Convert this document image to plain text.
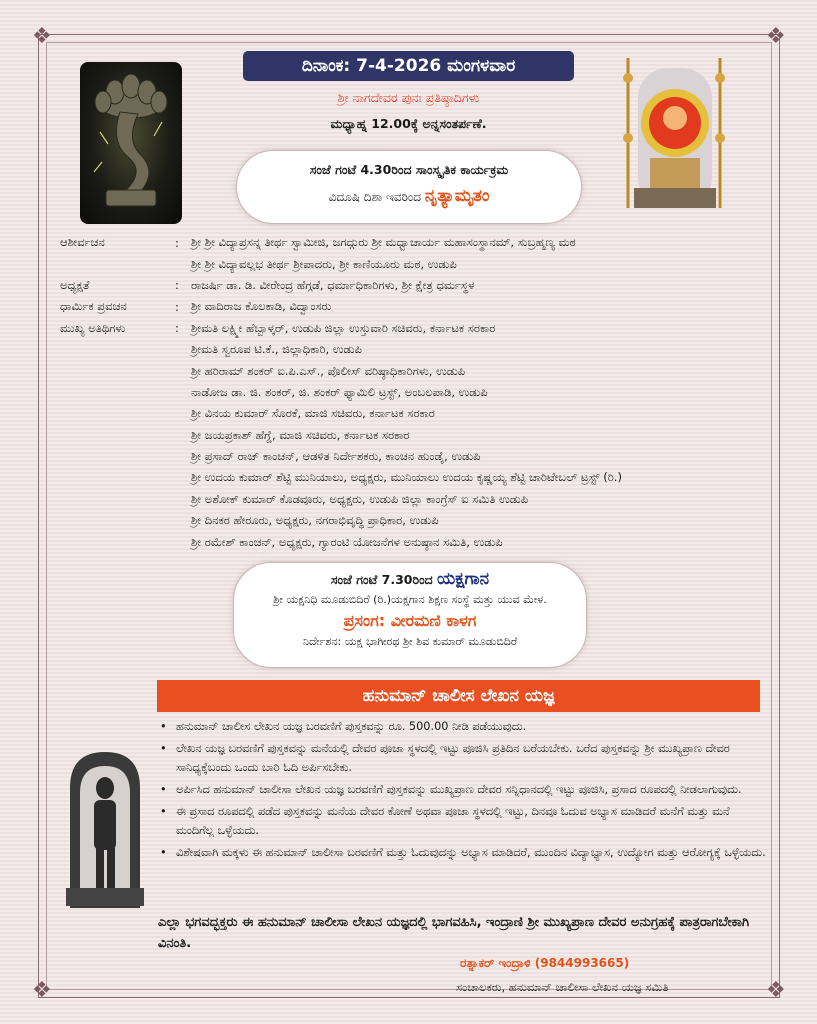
❖	❖
❖	❖
ದಿನಾಂಕ: 7-4-2026 ಮಂಗಳವಾರ
ಶ್ರೀ ನಾಗದೇವರ ಪುನಃ ಪ್ರತಿಷ್ಠಾದಿಗಳು
ಮಧ್ಯಾಹ್ನ 12.00ಕ್ಕೆ ಅನ್ನಸಂತರ್ಪಣೆ.
ಸಂಜೆ ಗಂಟೆ 4.30ರಿಂದ ಸಾಂಸ್ಕೃತಿಕ ಕಾರ್ಯಕ್ರಮ
ವಿದೂಷಿ ದಿಶಾ ಇವರಿಂದ ನೃತ್ಯಾಮೃತಂ
ಆಶೀರ್ವಚನ	:	ಶ್ರೀ ಶ್ರೀ ವಿದ್ಯಾಪ್ರಸನ್ನ ತೀರ್ಥ ಸ್ವಾಮೀಜಿ, ಜಗದ್ಗುರು ಶ್ರೀ ಮಧ್ವಾಚಾರ್ಯ ಮಹಾಸಂಸ್ಥಾನಮ್, ಸುಬ್ರಹ್ಮಣ್ಯ ಮಠ
		ಶ್ರೀ ಶ್ರೀ ವಿದ್ಯಾವಲ್ಲಭ ತೀರ್ಥ ಶ್ರೀಪಾದರು, ಶ್ರೀ ಕಾಣಿಯೂರು ಮಠ, ಉಡುಪಿ
ಅಧ್ಯಕ್ಷತೆ	:	ರಾಜರ್ಷಿ ಡಾ. ಡಿ. ವೀರೇಂದ್ರ ಹೆಗ್ಗಡೆ, ಧರ್ಮಾಧಿಕಾರಿಗಳು, ಶ್ರೀ ಕ್ಷೇತ್ರ ಧರ್ಮಸ್ಥಳ
ಧಾರ್ಮಿಕ ಪ್ರವಚನ	:	ಶ್ರೀ ವಾದಿರಾಜ ಕೊಲಕಾಡಿ, ವಿದ್ವಾಂಸರು
ಮುಖ್ಯ ಅತಿಥಿಗಳು	:	ಶ್ರೀಮತಿ ಲಕ್ಷ್ಮೀ ಹೆಬ್ಬಾಳ್ಕರ್, ಉಡುಪಿ ಜಿಲ್ಲಾ ಉಸ್ತುವಾರಿ ಸಚಿವರು, ಕರ್ನಾಟಕ ಸರಕಾರ
		ಶ್ರೀಮತಿ ಸ್ವರೂಪ ಟಿ.ಕೆ., ಜಿಲ್ಲಾಧಿಕಾರಿ, ಉಡುಪಿ
		ಶ್ರೀ ಹರಿರಾಮ್ ಶಂಕರ್ ಐ.ಪಿ.ಎಸ್., ಪೊಲೀಸ್ ವರಿಷ್ಠಾಧಿಕಾರಿಗಳು, ಉಡುಪಿ
		ನಾಡೋಜ ಡಾ. ಜಿ. ಶಂಕರ್, ಜಿ. ಶಂಕರ್ ಫ್ಯಾಮಿಲಿ ಟ್ರಸ್ಟ್, ಅಂಬಲಪಾಡಿ, ಉಡುಪಿ
		ಶ್ರೀ ವಿನಯ ಕುಮಾರ್ ಸೊರಕೆ, ಮಾಜಿ ಸಚಿವರು, ಕರ್ನಾಟಕ ಸರಕಾರ
		ಶ್ರೀ ಜಯಪ್ರಕಾಶ್ ಹೆಗ್ಡೆ, ಮಾಜಿ ಸಚಿವರು, ಕರ್ನಾಟಕ ಸರಕಾರ
		ಶ್ರೀ ಪ್ರಸಾದ್ ರಾಜ್ ಕಾಂಚನ್, ಆಡಳಿತ ನಿರ್ದೇಶಕರು, ಕಾಂಚನ ಹುಂಡೈ, ಉಡುಪಿ
		ಶ್ರೀ ಉದಯ ಕುಮಾರ್ ಶೆಟ್ಟಿ ಮುನಿಯಾಲು, ಅಧ್ಯಕ್ಷರು, ಮುನಿಯಾಲು ಉದಯ ಕೃಷ್ಣಯ್ಯ ಶೆಟ್ಟಿ ಚಾರಿಟೇಬಲ್ ಟ್ರಸ್ಟ್ (ರಿ.)
		ಶ್ರೀ ಅಶೋಕ್ ಕುಮಾರ್ ಕೊಡವೂರು, ಅಧ್ಯಕ್ಷರು, ಉಡುಪಿ ಜಿಲ್ಲಾ ಕಾಂಗ್ರೆಸ್ ಐ ಸಮಿತಿ ಉಡುಪಿ
		ಶ್ರೀ ದಿನಕರ ಹೇರೂರು, ಅಧ್ಯಕ್ಷರು, ನಗರಾಭಿವೃದ್ಧಿ ಪ್ರಾಧಿಕಾರ, ಉಡುಪಿ
		ಶ್ರೀ ರಮೇಶ್ ಕಾಂಚನ್, ಅಧ್ಯಕ್ಷರು, ಗ್ಯಾರಂಟಿ ಯೋಜನೆಗಳ ಅನುಷ್ಠಾನ ಸಮಿತಿ, ಉಡುಪಿ
ಸಂಜೆ ಗಂಟೆ 7.30ರಿಂದ ಯಕ್ಷಗಾನ
ಶ್ರೀ ಯಕ್ಷನಿಧಿ ಮೂಡುಬಿದಿರೆ (ರಿ.)ಯಕ್ಷಗಾನ ಶಿಕ್ಷಣ ಸಂಸ್ಥೆ ಮತ್ತು ಯುವ ಮೇಳ.
ಪ್ರಸಂಗ: ವೀರಮಣಿ ಕಾಳಗ
ನಿರ್ದೇಶನ: ಯಕ್ಷ ಭಾಗೀರಥ ಶ್ರೀ ಶಿವ ಕುಮಾರ್ ಮೂಡುಬಿದಿರೆ
ಹನುಮಾನ್ ಚಾಲೀಸ ಲೇಖನ ಯಜ್ಞ
• ಹನುಮಾನ್ ಚಾಲೀಸ ಲೇಖನ ಯಜ್ಞ ಬರವಣಿಗೆ ಪುಸ್ತಕವನ್ನು ರೂ. 500.00 ನೀಡಿ ಪಡೆಯುವುದು.
• ಲೇಖನ ಯಜ್ಞ ಬರವಣಿಗೆ ಪುಸ್ತಕವನ್ನು ಮನೆಯಲ್ಲಿ ದೇವರ ಪೂಜಾ ಸ್ಥಳದಲ್ಲಿ ಇಟ್ಟು ಪೂಜಿಸಿ ಪ್ರತಿದಿನ ಬರೆಯಬೇಕು. ಬರೆದ ಪುಸ್ತಕವನ್ನು ಶ್ರೀ ಮುಖ್ಯಪ್ರಾಣ ದೇವರ ಸಾನಿಧ್ಯಕ್ಕೆಬಂದು ಒಂದು ಬಾರಿ ಓದಿ ಅರ್ಪಿಸಬೇಕು.
• ಅರ್ಪಿಸಿದ ಹನುಮಾನ್ ಚಾಲೀಸಾ ಲೇಖನ ಯಜ್ಞ ಬರವಣಿಗೆ ಪುಸ್ತಕವನ್ನು ಮುಖ್ಯಪ್ರಾಣ ದೇವರ ಸನ್ನಿಧಾನದಲ್ಲಿ ಇಟ್ಟು ಪೂಜಿಸಿ, ಪ್ರಸಾದ ರೂಪದಲ್ಲಿ ನೀಡಲಾಗುವುದು.
• ಈ ಪ್ರಸಾದ ರೂಪದಲ್ಲಿ ಪಡೆದ ಪುಸ್ತಕವನ್ನು ಮನೆಯ ದೇವರ ಕೋಣೆ ಅಥವಾ ಪೂಜಾ ಸ್ಥಳದಲ್ಲಿ ಇಟ್ಟು, ದಿನವೂ ಓದುವ ಅಭ್ಯಾಸ ಮಾಡಿದರೆ ಮನೆಗೆ ಮತ್ತು ಮನೆ ಮಂದಿಗೆಲ್ಲ ಒಳ್ಳೆಯದು.
• ವಿಶೇಷವಾಗಿ ಮಕ್ಕಳು ಈ ಹನುಮಾನ್ ಚಾಲೀಸಾ ಬರವಣಿಗೆ ಮತ್ತು ಓದುವುದನ್ನು ಅಭ್ಯಾಸ ಮಾಡಿದರೆ, ಮುಂದಿನ ವಿದ್ಯಾಭ್ಯಾಸ, ಉದ್ಯೋಗ ಮತ್ತು ಆರೋಗ್ಯಕ್ಕೆ ಒಳ್ಳೆಯದು.
ಎಲ್ಲಾ ಭಗವದ್ಭಕ್ತರು ಈ ಹನುಮಾನ್ ಚಾಲೀಸಾ ಲೇಖನ ಯಜ್ಞದಲ್ಲಿ ಭಾಗವಹಿಸಿ, ಇಂದ್ರಾಣಿ ಶ್ರೀ ಮುಖ್ಯಪ್ರಾಣ ದೇವರ ಅನುಗ್ರಹಕ್ಕೆ ಪಾತ್ರರಾಗಬೇಕಾಗಿ ವಿನಂತಿ.
ರತ್ನಾಕರ್ ಇಂದ್ರಾಳಿ (9844993665)
ಸಂಚಾಲಕರು, ಹನುಮಾನ್ ಚಾಲೀಸಾ ಲೇಖನ ಯಜ್ಞ ಸಮಿತಿ
